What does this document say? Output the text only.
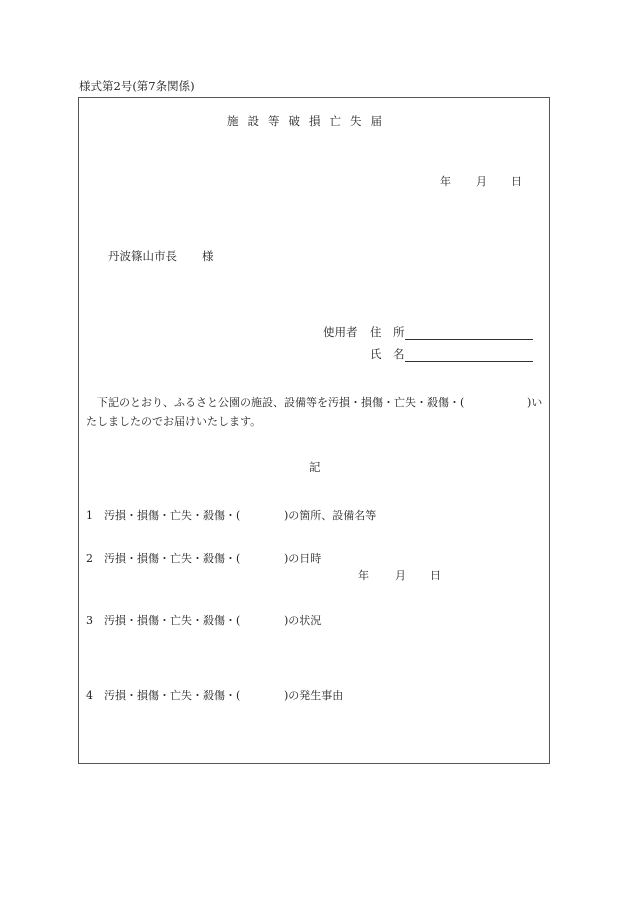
様式第2号(第7条関係)
施設等破損亡失届
年 月 日
丹波篠山市長 様
使用者 住　所
氏　名
下記のとおり、ふるさと公園の施設、設備等を汚損・損傷・亡失・殺傷・(	)い
たしましたのでお届けいたします。
記
1 汚損・損傷・亡失・殺傷・(	)の箇所、設備名等
2 汚損・損傷・亡失・殺傷・(	)の日時
年 月 日
3 汚損・損傷・亡失・殺傷・(	)の状況
4 汚損・損傷・亡失・殺傷・(	)の発生事由
